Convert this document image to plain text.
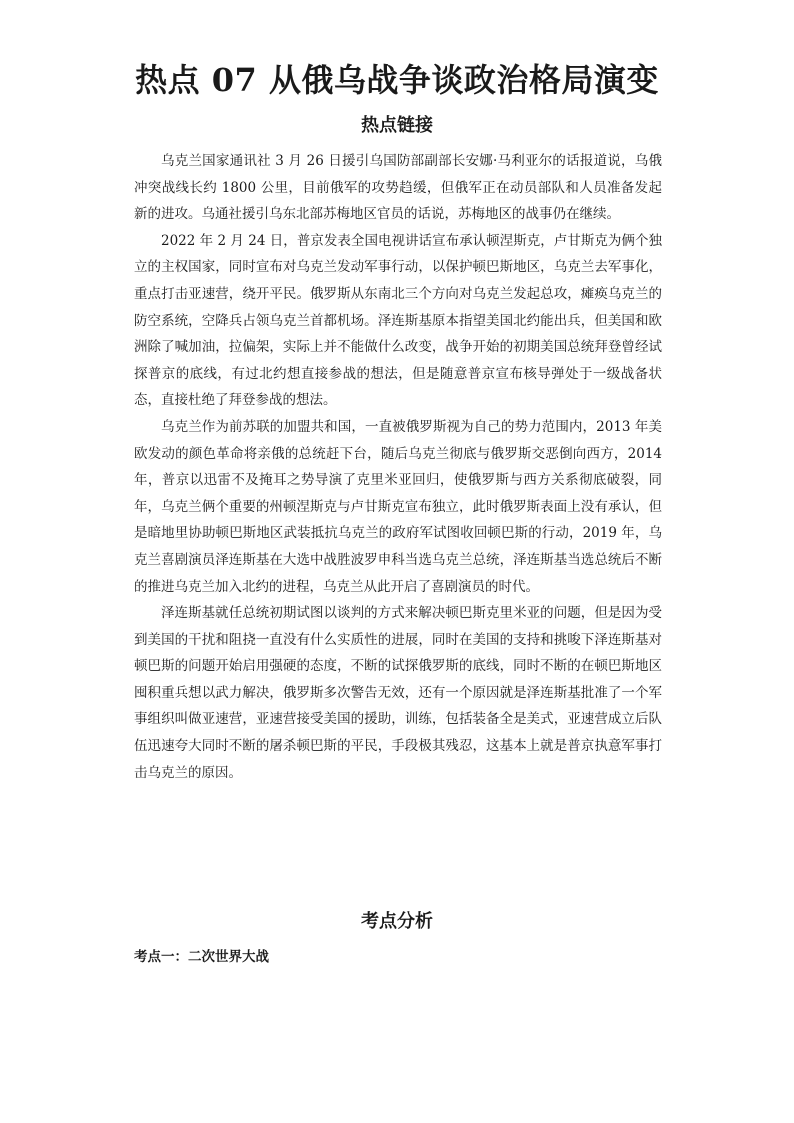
热点 07 从俄乌战争谈政治格局演变
热点链接

乌克兰国家通讯社 3 月 26 日援引乌国防部副部长安娜·马利亚尔的话报道说，乌俄冲突战线长约 1800 公里，目前俄军的攻势趋缓，但俄军正在动员部队和人员准备发起新的进攻。乌通社援引乌东北部苏梅地区官员的话说，苏梅地区的战事仍在继续。

2022 年 2 月 24 日，普京发表全国电视讲话宣布承认顿涅斯克，卢甘斯克为俩个独立的主权国家，同时宣布对乌克兰发动军事行动，以保护顿巴斯地区，乌克兰去军事化，重点打击亚速营，绕开平民。俄罗斯从东南北三个方向对乌克兰发起总攻，瘫痪乌克兰的防空系统，空降兵占领乌克兰首都机场。泽连斯基原本指望美国北约能出兵，但美国和欧洲除了喊加油，拉偏架，实际上并不能做什么改变，战争开始的初期美国总统拜登曾经试探普京的底线，有过北约想直接参战的想法，但是随意普京宣布核导弹处于一级战备状态，直接杜绝了拜登参战的想法。

乌克兰作为前苏联的加盟共和国，一直被俄罗斯视为自己的势力范围内，2013 年美欧发动的颜色革命将亲俄的总统赶下台，随后乌克兰彻底与俄罗斯交恶倒向西方，2014 年，普京以迅雷不及掩耳之势导演了克里米亚回归，使俄罗斯与西方关系彻底破裂，同年，乌克兰俩个重要的州顿涅斯克与卢甘斯克宣布独立，此时俄罗斯表面上没有承认，但是暗地里协助顿巴斯地区武装抵抗乌克兰的政府军试图收回顿巴斯的行动，2019 年，乌克兰喜剧演员泽连斯基在大选中战胜波罗申科当选乌克兰总统，泽连斯基当选总统后不断的推进乌克兰加入北约的进程，乌克兰从此开启了喜剧演员的时代。

泽连斯基就任总统初期试图以谈判的方式来解决顿巴斯克里米亚的问题，但是因为受到美国的干扰和阻挠一直没有什么实质性的进展，同时在美国的支持和挑唆下泽连斯基对顿巴斯的问题开始启用强硬的态度，不断的试探俄罗斯的底线，同时不断的在顿巴斯地区囤积重兵想以武力解决，俄罗斯多次警告无效，还有一个原因就是泽连斯基批准了一个军事组织叫做亚速营，亚速营接受美国的援助，训练，包括装备全是美式，亚速营成立后队伍迅速夸大同时不断的屠杀顿巴斯的平民，手段极其残忍，这基本上就是普京执意军事打击乌克兰的原因。

考点分析
考点一：二次世界大战
